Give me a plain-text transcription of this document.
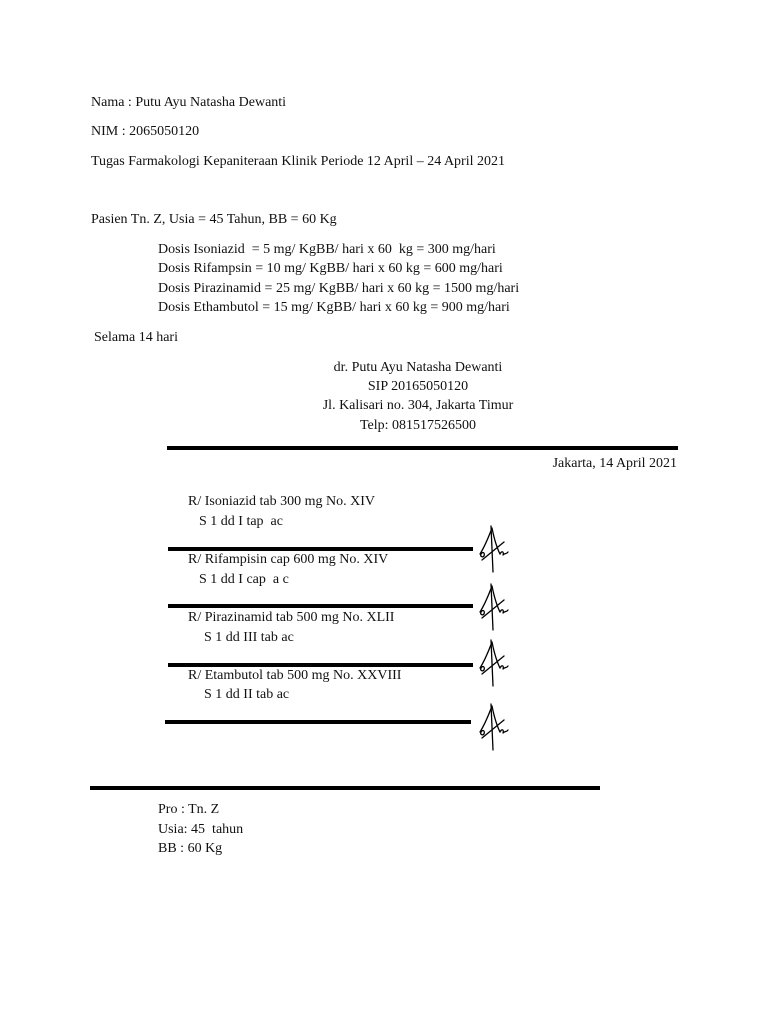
Nama : Putu Ayu Natasha Dewanti
NIM : 2065050120
Tugas Farmakologi Kepaniteraan Klinik Periode 12 April – 24 April 2021
Pasien Tn. Z, Usia = 45 Tahun, BB = 60 Kg
Dosis Isoniazid  = 5 mg/ KgBB/ hari x 60  kg = 300 mg/hari
Dosis Rifampsin = 10 mg/ KgBB/ hari x 60 kg = 600 mg/hari
Dosis Pirazinamid = 25 mg/ KgBB/ hari x 60 kg = 1500 mg/hari
Dosis Ethambutol = 15 mg/ KgBB/ hari x 60 kg = 900 mg/hari
Selama 14 hari
dr. Putu Ayu Natasha Dewanti
SIP 20165050120
Jl. Kalisari no. 304, Jakarta Timur
Telp: 081517526500
Jakarta, 14 April 2021
R/ Isoniazid tab 300 mg No. XIV
S 1 dd I tap  ac
R/ Rifampisin cap 600 mg No. XIV
S 1 dd I cap  a c
R/ Pirazinamid tab 500 mg No. XLII
S 1 dd III tab ac
R/ Etambutol tab 500 mg No. XXVIII
S 1 dd II tab ac
Pro : Tn. Z
Usia: 45  tahun
BB : 60 Kg
